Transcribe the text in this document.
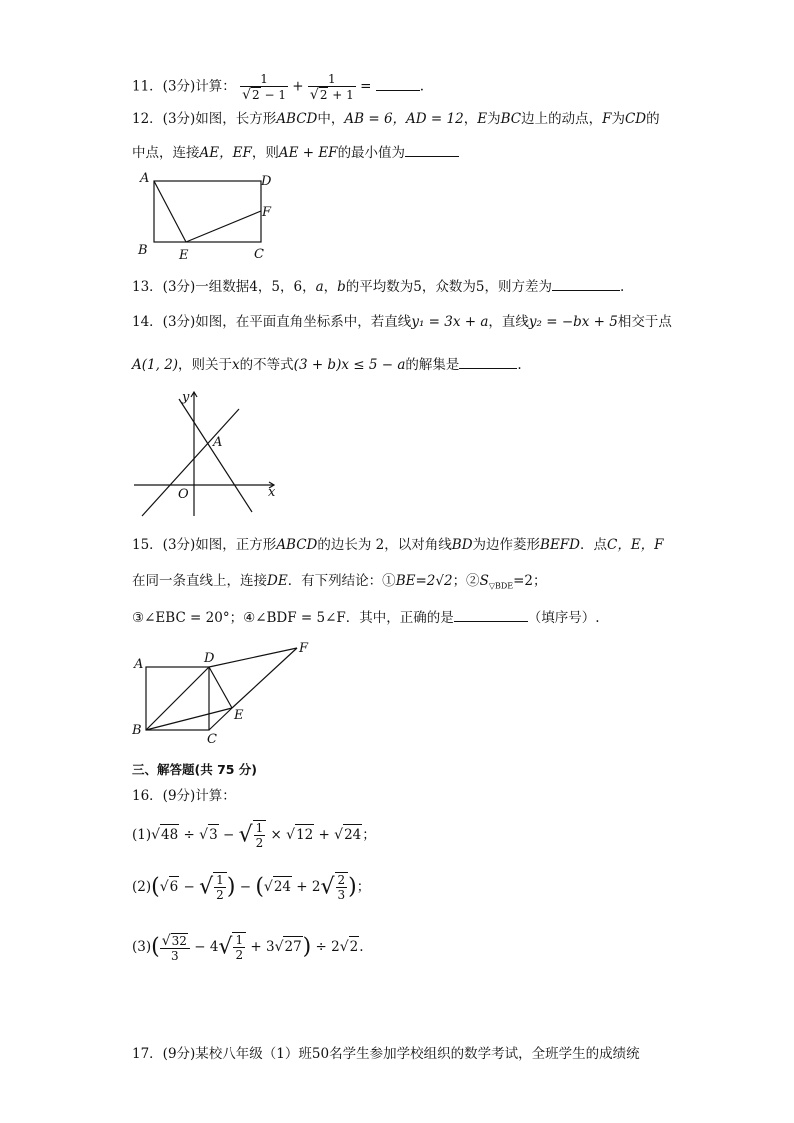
11．(3分)计算： $\frac{1}{√2 - 1} + \frac{1}{√2 + 1}$ =	.
12．(3分)如图，长方形ABCD中，AB = 6，AD = 12，E为BC边上的动点，F为CD的
中点，连接AE，EF，则AE + EF的最小值为
A
B	C
D
F
E
13．(3分)一组数据4，5，6，a，b的平均数为5，众数为5，则方差为	.
14．(3分)如图，在平面直角坐标系中，若直线y₁ = 3x + a，直线y₂ = −bx + 5相交于点
A(1, 2)，则关于x的不等式(3 + b)x ≤ 5 − a的解集是	.
y
x
O
A
15．(3分)如图，正方形ABCD的边长为 2，以对角线BD为边作菱形BEFD．点C，E，F
在同一条直线上，连接DE．有下列结论：①BE=2√2；$②S_{▽BDE}=2$；
③∠EBC = 20°；④∠BDF = 5∠F．其中，正确的是	（填序号）.
A
B
C
D
E
F
三、解答题(共 75 分)
16．(9分)计算：
(1)√48 ÷ √3 − √ $\frac{1}{2} \times √12 + √24$；
(2)(√6 − √ $\frac{1}{2}$ ) − ($√24 + 2√ \frac{2}{3}$ )；
$(3)( \frac{√32}{3} - 4√ \frac{1}{2} + 3√27) \div 2√2$.
17．(9分)某校八年级（1）班50名学生参加学校组织的数学考试，全班学生的成绩统
